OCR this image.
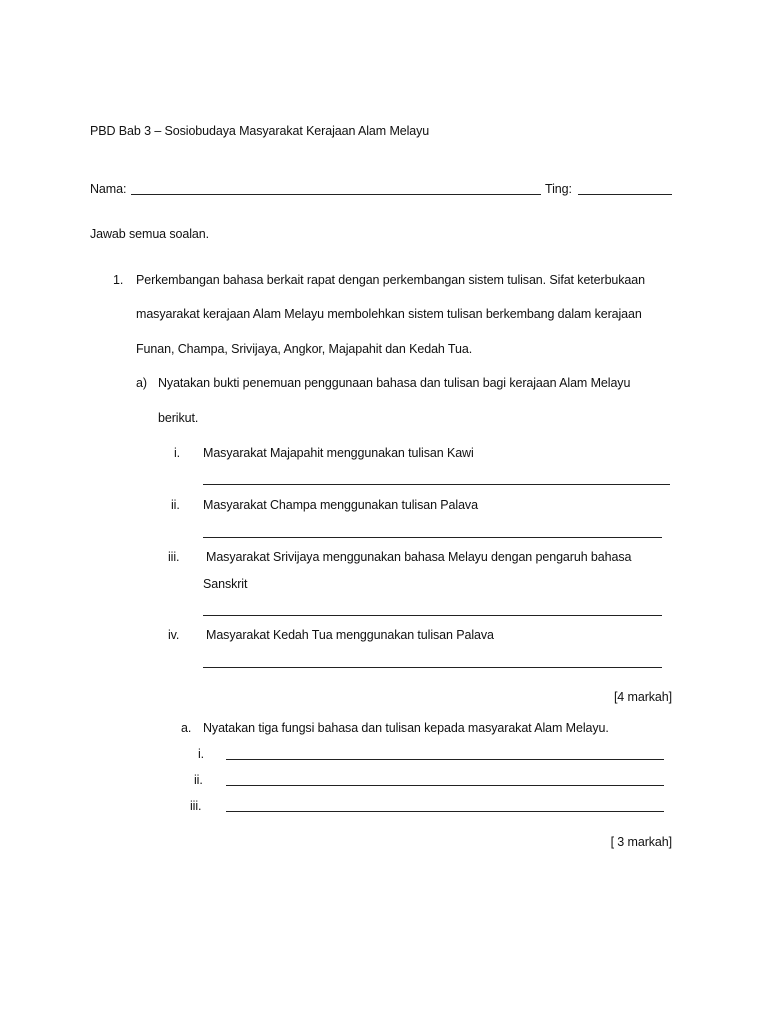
PBD Bab 3 – Sosiobudaya Masyarakat Kerajaan Alam Melayu
Nama:	Ting:
Jawab semua soalan.
1. Perkembangan bahasa berkait rapat dengan perkembangan sistem tulisan. Sifat keterbukaan
masyarakat kerajaan Alam Melayu membolehkan sistem tulisan berkembang dalam kerajaan
Funan, Champa, Srivijaya, Angkor, Majapahit dan Kedah Tua.
a) Nyatakan bukti penemuan penggunaan bahasa dan tulisan bagi kerajaan Alam Melayu
berikut.
i. Masyarakat Majapahit menggunakan tulisan Kawi
ii. Masyarakat Champa menggunakan tulisan Palava
iii. Masyarakat Srivijaya menggunakan bahasa Melayu dengan pengaruh bahasa
Sanskrit
iv. Masyarakat Kedah Tua menggunakan tulisan Palava
[4 markah]
a. Nyatakan tiga fungsi bahasa dan tulisan kepada masyarakat Alam Melayu.
i.
ii.
iii.
[ 3 markah]
